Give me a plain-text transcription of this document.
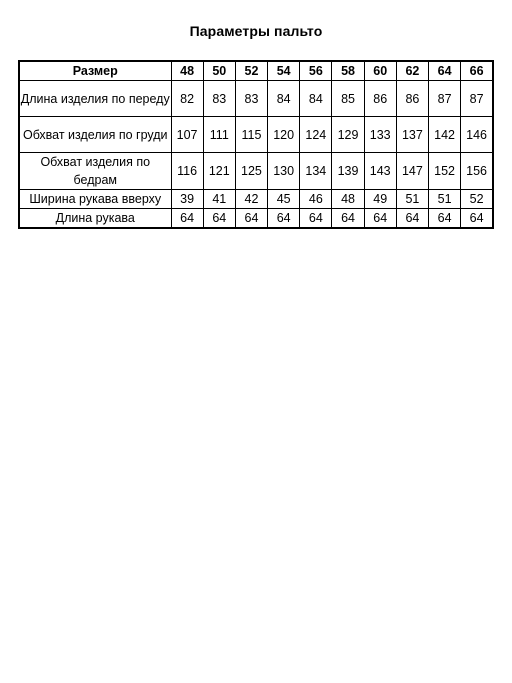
Параметры пальто
Размер	48	50	52	54	56	58	60	62	64	66
Длина изделия по переду	82	83	83	84	84	85	86	86	87	87
Обхват изделия по груди	107	111	115	120	124	129	133	137	142	146
Обхват изделия по бедрам	116	121	125	130	134	139	143	147	152	156
Ширина рукава вверху	39	41	42	45	46	48	49	51	51	52
Длина рукава	64	64	64	64	64	64	64	64	64	64
